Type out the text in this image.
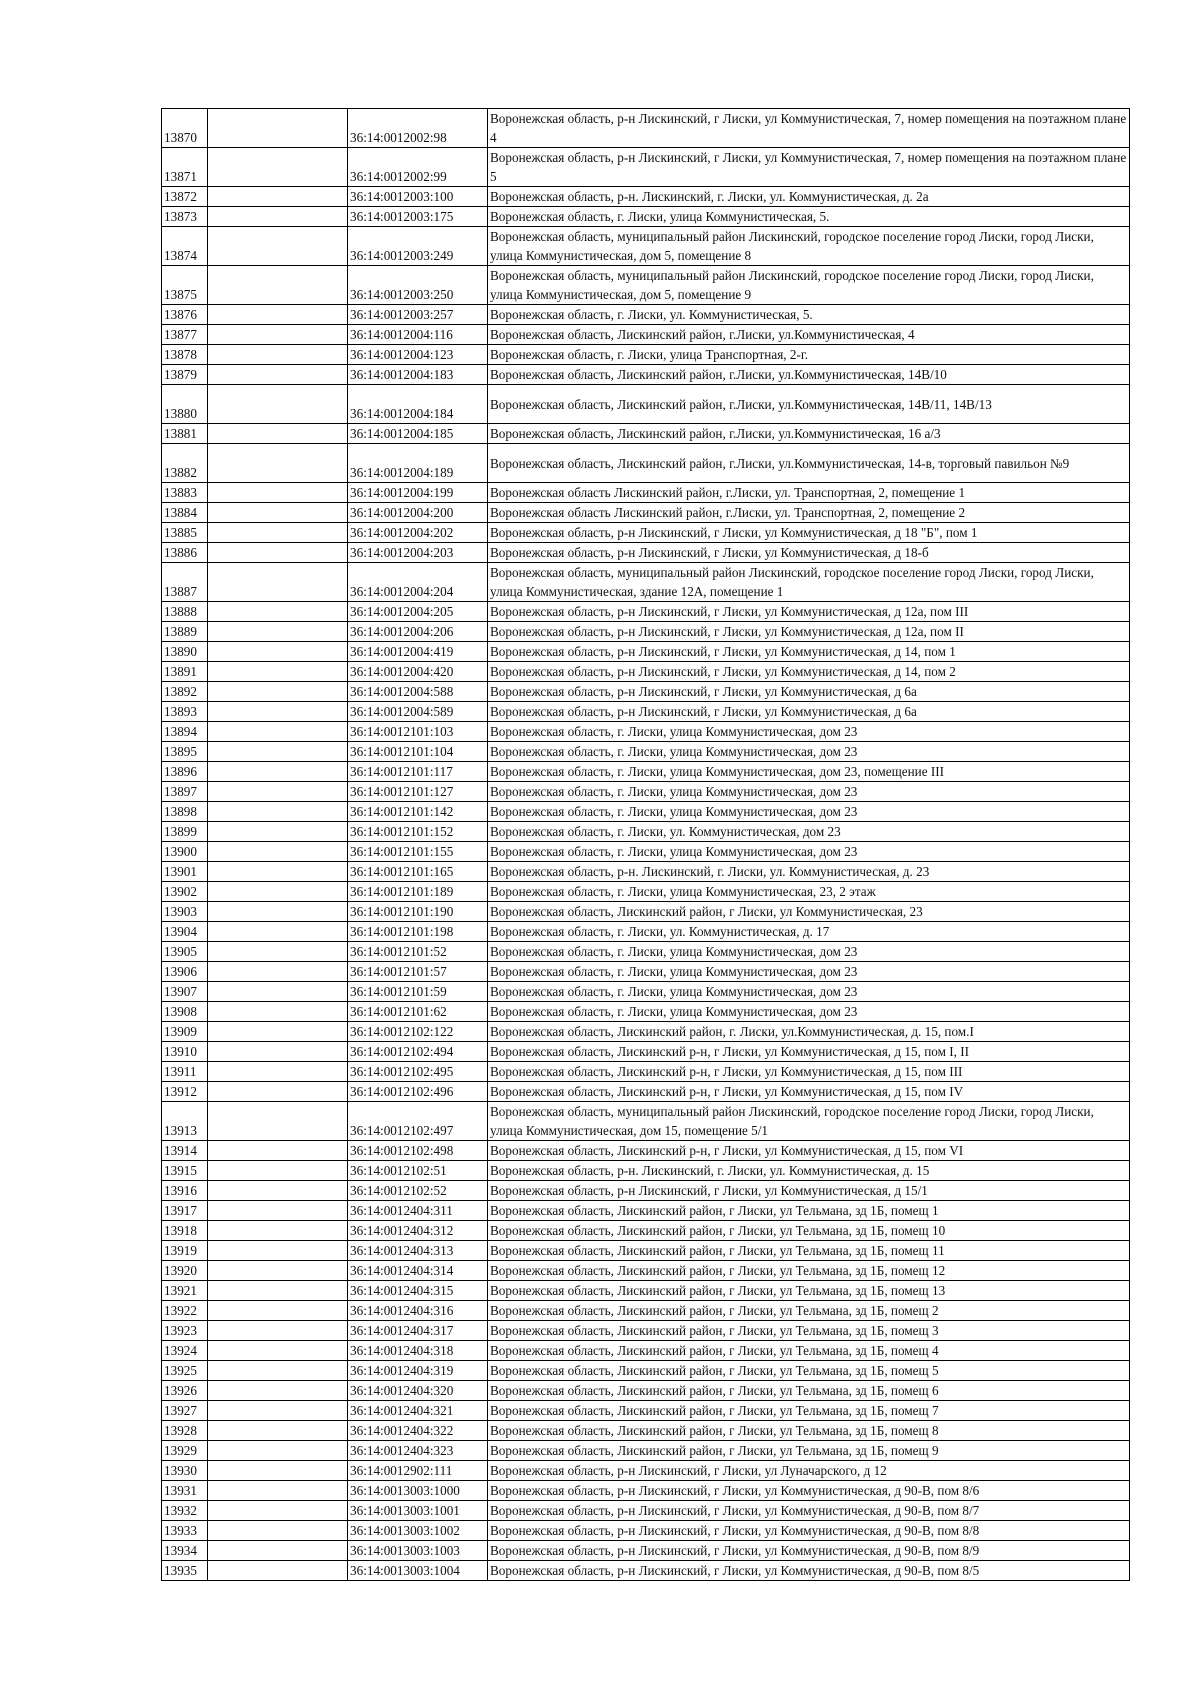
13870		36:14:0012002:98	Воронежская область, р-н Лискинский, г Лиски, ул Коммунистическая, 7, номер помещения на поэтажном плане 4
13871		36:14:0012002:99	Воронежская область, р-н Лискинский, г Лиски, ул Коммунистическая, 7, номер помещения на поэтажном плане 5
13872		36:14:0012003:100	Воронежская область, р-н. Лискинский, г. Лиски, ул. Коммунистическая, д. 2а
13873		36:14:0012003:175	Воронежская область, г. Лиски, улица Коммунистическая, 5.
13874		36:14:0012003:249	Воронежская область, муниципальный район Лискинский, городское поселение город Лиски, город Лиски, улица Коммунистическая, дом 5, помещение 8
13875		36:14:0012003:250	Воронежская область, муниципальный район Лискинский, городское поселение город Лиски, город Лиски, улица Коммунистическая, дом 5, помещение 9
13876		36:14:0012003:257	Воронежская область, г. Лиски, ул. Коммунистическая, 5.
13877		36:14:0012004:116	Воронежская область, Лискинский район, г.Лиски, ул.Коммунистическая, 4
13878		36:14:0012004:123	Воронежская область, г. Лиски, улица Транспортная, 2-г.
13879		36:14:0012004:183	Воронежская область, Лискинский район, г.Лиски, ул.Коммунистическая, 14В/10
13880		36:14:0012004:184	Воронежская область, Лискинский район, г.Лиски, ул.Коммунистическая, 14В/11, 14В/13
13881		36:14:0012004:185	Воронежская область, Лискинский район, г.Лиски, ул.Коммунистическая, 16 а/3
13882		36:14:0012004:189	Воронежская область, Лискинский район, г.Лиски, ул.Коммунистическая, 14-в, торговый павильон №9
13883		36:14:0012004:199	Воронежская область Лискинский район, г.Лиски, ул. Транспортная, 2, помещение 1
13884		36:14:0012004:200	Воронежская область Лискинский район, г.Лиски, ул. Транспортная, 2, помещение 2
13885		36:14:0012004:202	Воронежская область, р-н Лискинский, г Лиски, ул Коммунистическая, д 18 "Б", пом 1
13886		36:14:0012004:203	Воронежская область, р-н Лискинский, г Лиски, ул Коммунистическая, д 18-б
13887		36:14:0012004:204	Воронежская область, муниципальный район Лискинский, городское поселение город Лиски, город Лиски, улица Коммунистическая, здание 12А, помещение 1
13888		36:14:0012004:205	Воронежская область, р-н Лискинский, г Лиски, ул Коммунистическая, д 12а, пом III
13889		36:14:0012004:206	Воронежская область, р-н Лискинский, г Лиски, ул Коммунистическая, д 12а, пом II
13890		36:14:0012004:419	Воронежская область, р-н Лискинский, г Лиски, ул Коммунистическая, д 14, пом 1
13891		36:14:0012004:420	Воронежская область, р-н Лискинский, г Лиски, ул Коммунистическая, д 14, пом 2
13892		36:14:0012004:588	Воронежская область, р-н Лискинский, г Лиски, ул Коммунистическая, д 6а
13893		36:14:0012004:589	Воронежская область, р-н Лискинский, г Лиски, ул Коммунистическая, д 6а
13894		36:14:0012101:103	Воронежская область, г. Лиски, улица Коммунистическая, дом 23
13895		36:14:0012101:104	Воронежская область, г. Лиски, улица Коммунистическая, дом 23
13896		36:14:0012101:117	Воронежская область, г. Лиски, улица Коммунистическая, дом 23, помещение III
13897		36:14:0012101:127	Воронежская область, г. Лиски, улица Коммунистическая, дом 23
13898		36:14:0012101:142	Воронежская область, г. Лиски, улица Коммунистическая, дом 23
13899		36:14:0012101:152	Воронежская область, г. Лиски, ул. Коммунистическая, дом 23
13900		36:14:0012101:155	Воронежская область, г. Лиски, улица Коммунистическая, дом 23
13901		36:14:0012101:165	Воронежская область, р-н. Лискинский, г. Лиски, ул. Коммунистическая, д. 23
13902		36:14:0012101:189	Воронежская область, г. Лиски, улица Коммунистическая, 23, 2 этаж
13903		36:14:0012101:190	Воронежская область, Лискинский район, г Лиски, ул Коммунистическая, 23
13904		36:14:0012101:198	Воронежская область, г. Лиски, ул. Коммунистическая, д. 17
13905		36:14:0012101:52	Воронежская область, г. Лиски, улица Коммунистическая, дом 23
13906		36:14:0012101:57	Воронежская область, г. Лиски, улица Коммунистическая, дом 23
13907		36:14:0012101:59	Воронежская область, г. Лиски, улица Коммунистическая, дом 23
13908		36:14:0012101:62	Воронежская область, г. Лиски, улица Коммунистическая, дом 23
13909		36:14:0012102:122	Воронежская область, Лискинский район, г. Лиски, ул.Коммунистическая, д. 15, пом.I
13910		36:14:0012102:494	Воронежская область, Лискинский р-н, г Лиски, ул Коммунистическая, д 15, пом I, II
13911		36:14:0012102:495	Воронежская область, Лискинский р-н, г Лиски, ул Коммунистическая, д 15, пом III
13912		36:14:0012102:496	Воронежская область, Лискинский р-н, г Лиски, ул Коммунистическая, д 15, пом IV
13913		36:14:0012102:497	Воронежская область, муниципальный район Лискинский, городское поселение город Лиски, город Лиски, улица Коммунистическая, дом 15, помещение 5/1
13914		36:14:0012102:498	Воронежская область, Лискинский р-н, г Лиски, ул Коммунистическая, д 15, пом VI
13915		36:14:0012102:51	Воронежская область, р-н. Лискинский, г. Лиски, ул. Коммунистическая, д. 15
13916		36:14:0012102:52	Воронежская область, р-н Лискинский, г Лиски, ул Коммунистическая, д 15/1
13917		36:14:0012404:311	Воронежская область, Лискинский район, г Лиски, ул Тельмана, зд 1Б, помещ 1
13918		36:14:0012404:312	Воронежская область, Лискинский район, г Лиски, ул Тельмана, зд 1Б, помещ 10
13919		36:14:0012404:313	Воронежская область, Лискинский район, г Лиски, ул Тельмана, зд 1Б, помещ 11
13920		36:14:0012404:314	Воронежская область, Лискинский район, г Лиски, ул Тельмана, зд 1Б, помещ 12
13921		36:14:0012404:315	Воронежская область, Лискинский район, г Лиски, ул Тельмана, зд 1Б, помещ 13
13922		36:14:0012404:316	Воронежская область, Лискинский район, г Лиски, ул Тельмана, зд 1Б, помещ 2
13923		36:14:0012404:317	Воронежская область, Лискинский район, г Лиски, ул Тельмана, зд 1Б, помещ 3
13924		36:14:0012404:318	Воронежская область, Лискинский район, г Лиски, ул Тельмана, зд 1Б, помещ 4
13925		36:14:0012404:319	Воронежская область, Лискинский район, г Лиски, ул Тельмана, зд 1Б, помещ 5
13926		36:14:0012404:320	Воронежская область, Лискинский район, г Лиски, ул Тельмана, зд 1Б, помещ 6
13927		36:14:0012404:321	Воронежская область, Лискинский район, г Лиски, ул Тельмана, зд 1Б, помещ 7
13928		36:14:0012404:322	Воронежская область, Лискинский район, г Лиски, ул Тельмана, зд 1Б, помещ 8
13929		36:14:0012404:323	Воронежская область, Лискинский район, г Лиски, ул Тельмана, зд 1Б, помещ 9
13930		36:14:0012902:111	Воронежская область, р-н Лискинский, г Лиски, ул Луначарского, д 12
13931		36:14:0013003:1000	Воронежская область, р-н Лискинский, г Лиски, ул Коммунистическая, д 90-В, пом 8/6
13932		36:14:0013003:1001	Воронежская область, р-н Лискинский, г Лиски, ул Коммунистическая, д 90-В, пом 8/7
13933		36:14:0013003:1002	Воронежская область, р-н Лискинский, г Лиски, ул Коммунистическая, д 90-В, пом 8/8
13934		36:14:0013003:1003	Воронежская область, р-н Лискинский, г Лиски, ул Коммунистическая, д 90-В, пом 8/9
13935		36:14:0013003:1004	Воронежская область, р-н Лискинский, г Лиски, ул Коммунистическая, д 90-В, пом 8/5
